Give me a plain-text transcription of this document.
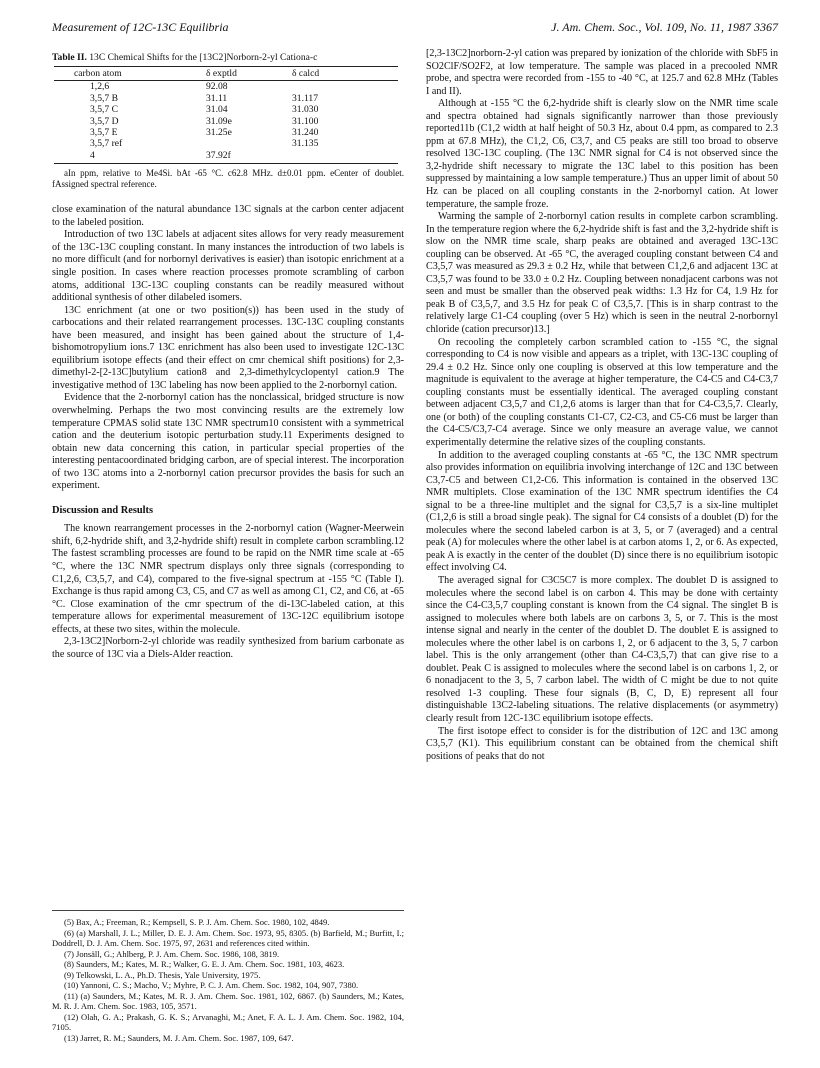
Measurement of 12C-13C Equilibria	J. Am. Chem. Soc., Vol. 109, No. 11, 1987 3367
Table II. 13C Chemical Shifts for the [13C2]Norborn-2-yl Cationa-c
carbon atom	δ exptld	δ calcd
1,2,6	92.08	
3,5,7 B	31.11	31.117
3,5,7 C	31.04	31.030
3,5,7 D	31.09e	31.100
3,5,7 E	31.25e	31.240
3,5,7 ref		31.135
4	37.92f	
aIn ppm, relative to Me4Si. bAt -65 °C. c62.8 MHz. d±0.01 ppm. eCenter of doublet. fAssigned spectral reference.

close examination of the natural abundance 13C signals at the carbon center adjacent to the labeled position.

Introduction of two 13C labels at adjacent sites allows for very ready measurement of the 13C-13C coupling constant. In many instances the introduction of two labels is no more difficult (and for norbornyl derivatives is easier) than isotopic enrichment at a single position. In cases where reaction processes promote scrambling of carbon atoms, additional 13C-13C coupling constants can be readily measured without additional synthesis of other dilabeled isomers.

13C enrichment (at one or two position(s)) has been used in the study of carbocations and their related rearrangement processes. 13C-13C coupling constants have been measured, and insight has been gained about the structure of 1,4-bishomotropylium ions.7 13C enrichment has also been used to investigate 12C-13C equilibrium isotope effects (and their effect on cmr chemical shift positions) for 2,3-dimethyl-2-[2-13C]butylium cation8 and 2,3-dimethylcyclopentyl cation.9 The investigative method of 13C labeling has now been applied to the 2-norbornyl cation.

Evidence that the 2-norbornyl cation has the nonclassical, bridged structure is now overwhelming. Perhaps the two most convincing results are the extremely low temperature CPMAS solid state 13C NMR spectrum10 consistent with a symmetrical cation and the deuterium isotopic perturbation study.11 Experiments designed to obtain new data concerning this cation, in particular special properties of the interesting pentacoordinated bridging carbon, are of special interest. The incorporation of two 13C atoms into a 2-norbornyl cation precursor provides the basis for such an experiment.

Discussion and Results

The known rearrangement processes in the 2-norbornyl cation (Wagner-Meerwein shift, 6,2-hydride shift, and 3,2-hydride shift) result in complete carbon scrambling.12 The fastest scrambling processes are found to be rapid on the NMR time scale at -65 °C, where the 13C NMR spectrum displays only three signals (corresponding to C1,2,6, C3,5,7, and C4), compared to the five-signal spectrum at -155 °C (Table I). Exchange is thus rapid among C3, C5, and C7 as well as among C1, C2, and C6, at -65 °C. Close examination of the cmr spectrum of the di-13C-labeled cation, at this temperature allows for experimental measurement of 13C-12C equilibrium isotope effects, at these two sites, within the molecule.

2,3-13C2]Norborn-2-yl chloride was readily synthesized from barium carbonate as the source of 13C via a Diels-Alder reaction.

(5) Bax, A.; Freeman, R.; Kempsell, S. P. J. Am. Chem. Soc. 1980, 102, 4849.
(6) (a) Marshall, J. L.; Miller, D. E. J. Am. Chem. Soc. 1973, 95, 8305. (b) Barfield, M.; Burfitt, I.; Doddrell, D. J. Am. Chem. Soc. 1975, 97, 2631 and references cited within.
(7) Jonsäll, G.; Ahlberg, P. J. Am. Chem. Soc. 1986, 108, 3819.
(8) Saunders, M.; Kates, M. R.; Walker, G. E. J. Am. Chem. Soc. 1981, 103, 4623.
(9) Telkowski, L. A., Ph.D. Thesis, Yale University, 1975.
(10) Yannoni, C. S.; Macho, V.; Myhre, P. C. J. Am. Chem. Soc. 1982, 104, 907, 7380.
(11) (a) Saunders, M.; Kates, M. R. J. Am. Chem. Soc. 1981, 102, 6867. (b) Saunders, M.; Kates, M. R. J. Am. Chem. Soc. 1983, 105, 3571.
(12) Olah, G. A.; Prakash, G. K. S.; Arvanaghi, M.; Anet, F. A. L. J. Am. Chem. Soc. 1982, 104, 7105.
(13) Jarret, R. M.; Saunders, M. J. Am. Chem. Soc. 1987, 109, 647.

[2,3-13C2]norborn-2-yl cation was prepared by ionization of the chloride with SbF5 in SO2ClF/SO2F2, at low temperature. The sample was placed in a precooled NMR probe, and spectra were recorded from -155 to -40 °C, at 125.7 and 62.8 MHz (Tables I and II).

Although at -155 °C the 6,2-hydride shift is clearly slow on the NMR time scale and spectra obtained had signals significantly narrower than those previously reported11b (C1,2 width at half height of 50.3 Hz, about 0.4 ppm, as compared to 2.3 ppm at 67.8 MHz), the C1,2, C6, C3,7, and C5 peaks are still too broad to observe resolved 13C-13C coupling. (The 13C NMR signal for C4 is not observed since the 3,2-hydride shift necessary to migrate the 13C label to this position has been suppressed by maintaining a low sample temperature.) Thus an upper limit of about 50 Hz can be placed on all coupling constants in the 2-norbornyl cation. At lower temperature, the sample froze.

Warming the sample of 2-norbornyl cation results in complete carbon scrambling. In the temperature region where the 6,2-hydride shift is fast and the 3,2-hydride shift is slow on the NMR time scale, sharp peaks are obtained and averaged 13C-13C coupling can be observed. At -65 °C, the averaged coupling constant between C4 and C3,5,7 was measured as 29.3 ± 0.2 Hz, while that between C1,2,6 and adjacent 13C at C3,5,7 was found to be 33.0 ± 0.2 Hz. Coupling between nonadjacent carbons was not seen and must be smaller than the observed peak widths: 1.3 Hz for C4, 1.9 Hz for peak B of C3,5,7, and 3.5 Hz for peak C of C3,5,7. [This is in sharp contrast to the relatively large C1-C4 coupling (over 5 Hz) which is seen in the neutral 2-norbornyl chloride (cation precursor)13.]

On recooling the completely carbon scrambled cation to -155 °C, the signal corresponding to C4 is now visible and appears as a triplet, with 13C-13C coupling of 29.4 ± 0.2 Hz. Since only one coupling is observed at this low temperature and the magnitude is equivalent to the average at higher temperature, the C4-C5 and C4-C3,7 coupling constants must be essentially identical. The averaged coupling constant between adjacent C3,5,7 and C1,2,6 atoms is larger than that for C4-C3,5,7. Clearly, one (or both) of the coupling constants C1-C7, C2-C3, and C5-C6 must be larger than the C4-C5/C3,7-C4 average. Since we only measure an average value, we cannot experimentally determine the relative sizes of the coupling constants.

In addition to the averaged coupling constants at -65 °C, the 13C NMR spectrum also provides information on equilibria involving interchange of 12C and 13C between C3,7-C5 and between C1,2-C6. This information is contained in the observed 13C NMR multiplets. Close examination of the 13C NMR spectrum identifies the C4 signal to be a three-line multiplet and the signal for C3,5,7 is a six-line multiplet (C1,2,6 is still a broad single peak). The signal for C4 consists of a doublet (D) for the molecules where the second labeled carbon is at 3, 5, or 7 (averaged) and a central peak (A) for molecules where the other label is at carbon atoms 1, 2, or 6. As expected, peak A is exactly in the center of the doublet (D) since there is no equilibrium isotopic effect involving C4.

The averaged signal for C3C5C7 is more complex. The doublet D is assigned to molecules where the second label is on carbon 4. This may be done with certainty since the C4-C3,5,7 coupling constant is known from the C4 signal. The singlet B is assigned to molecules where both labels are on carbons 3, 5, or 7. This is the most intense signal and nearly in the center of the doublet D. The doublet E is assigned to molecules where the other label is on carbons 1, 2, or 6 adjacent to the 3, 5, 7 carbon label. This is the only arrangement (other than C4-C3,5,7) that can give rise to a doublet. Peak C is assigned to molecules where the second label is on carbons 1, 2, or 6 nonadjacent to the 3, 5, 7 carbon label. The width of C might be due to not quite resolved 1-3 coupling. These four signals (B, C, D, E) represent all four distinguishable 13C2-labeling situations. The relative displacements (or asymmetry) clearly result from 12C-13C equilibrium isotope effects.

The first isotope effect to consider is for the distribution of 12C and 13C among C3,5,7 (K1). This equilibrium constant can be obtained from the chemical shift positions of peaks that do not
